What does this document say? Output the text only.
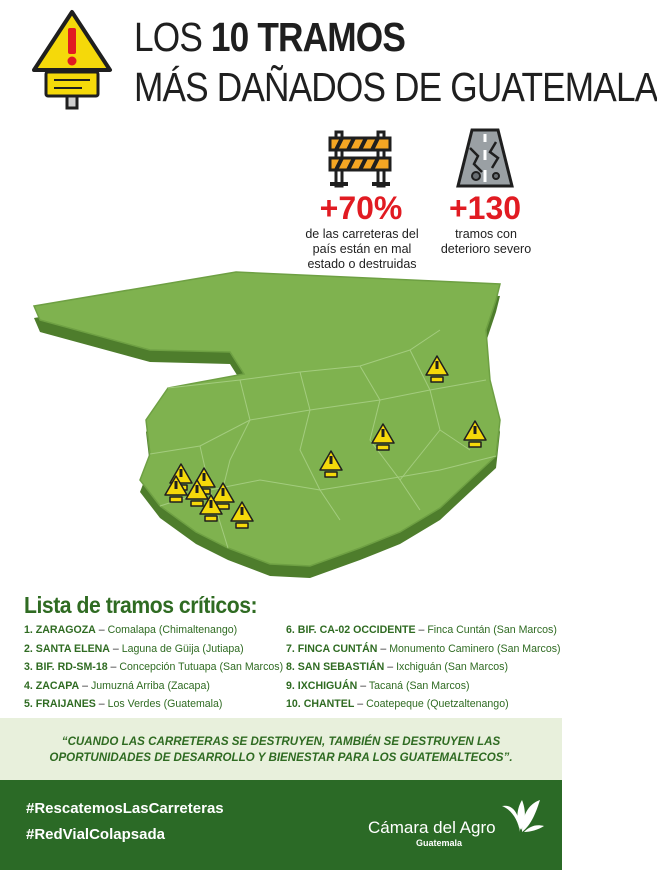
LOS 10 TRAMOS
MÁS DAÑADOS DE GUATEMALA
+70%
de las carreteras del
país están en mal
estado o destruidas
+130
tramos con
deterioro severo
Lista de tramos críticos:
1. ZARAGOZA – Comalapa (Chimaltenango)
2. SANTA ELENA – Laguna de Güija (Jutiapa)
3. BIF. RD-SM-18 – Concepción Tutuapa (San Marcos)
4. ZACAPA – Jumuzná Arriba (Zacapa)
5. FRAIJANES – Los Verdes (Guatemala)
6. BIF. CA-02 OCCIDENTE – Finca Cuntán (San Marcos)
7. FINCA CUNTÁN – Monumento Caminero (San Marcos)
8. SAN SEBASTIÁN – Ixchiguán (San Marcos)
9. IXCHIGUÁN – Tacaná (San Marcos)
10. CHANTEL – Coatepeque (Quetzaltenango)
“CUANDO LAS CARRETERAS SE DESTRUYEN, TAMBIÉN SE DESTRUYEN LAS
OPORTUNIDADES DE DESARROLLO Y BIENESTAR PARA LOS GUATEMALTECOS”.
#RescatemosLasCarreteras
#RedVialColapsada	Cámara del Agro
Guatemala
